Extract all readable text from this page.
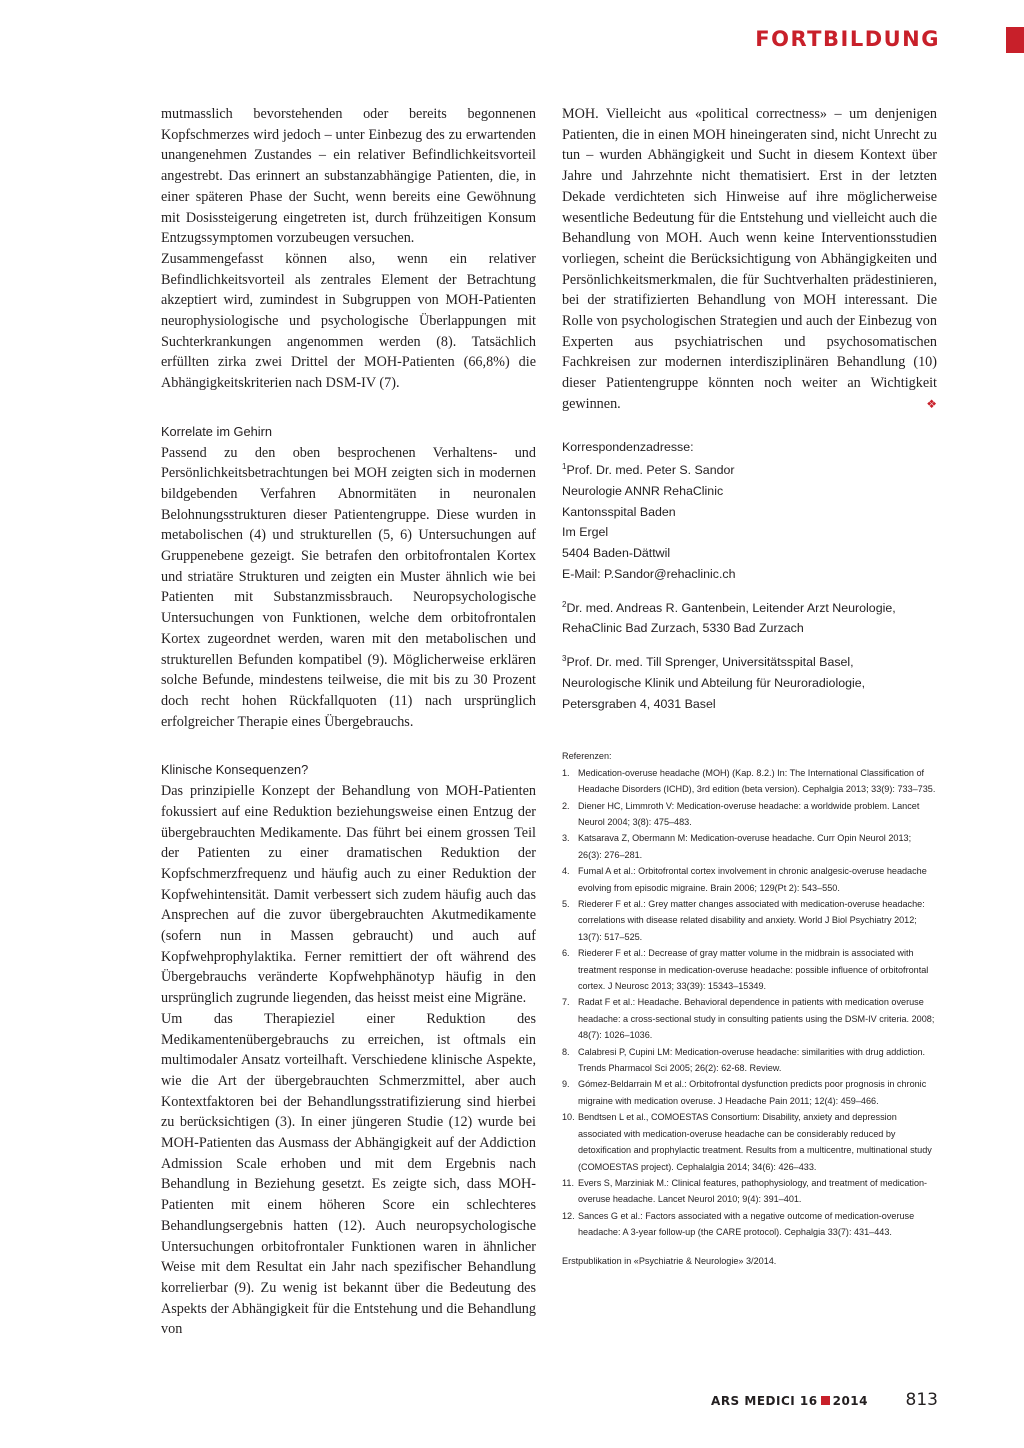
FORTBILDUNG

mutmasslich bevorstehenden oder bereits begonnenen Kopfschmerzes wird jedoch – unter Einbezug des zu erwartenden unangenehmen Zustandes – ein relativer Befindlichkeitsvorteil angestrebt. Das erinnert an substanzabhängige Patienten, die, in einer späteren Phase der Sucht, wenn bereits eine Gewöhnung mit Dosissteigerung eingetreten ist, durch frühzeitigen Konsum Entzugssymptomen vorzubeugen versuchen.

Zusammengefasst können also, wenn ein relativer Befindlichkeitsvorteil als zentrales Element der Betrachtung akzeptiert wird, zumindest in Subgruppen von MOH-Patienten neurophysiologische und psychologische Überlappungen mit Suchterkrankungen angenommen werden (8). Tatsächlich erfüllten zirka zwei Drittel der MOH-Patienten (66,8%) die Abhängigkeitskriterien nach DSM-IV (7).

Korrelate im Gehirn

Passend zu den oben besprochenen Verhaltens- und Persönlichkeitsbetrachtungen bei MOH zeigten sich in modernen bildgebenden Verfahren Abnormitäten in neuronalen Belohnungsstrukturen dieser Patientengruppe. Diese wurden in metabolischen (4) und strukturellen (5, 6) Untersuchungen auf Gruppenebene gezeigt. Sie betrafen den orbitofrontalen Kortex und striatäre Strukturen und zeigten ein Muster ähnlich wie bei Patienten mit Substanzmissbrauch. Neuropsychologische Untersuchungen von Funktionen, welche dem orbitofrontalen Kortex zugeordnet werden, waren mit den metabolischen und strukturellen Befunden kompatibel (9). Möglicherweise erklären solche Befunde, mindestens teilweise, die mit bis zu 30 Prozent doch recht hohen Rückfallquoten (11) nach ursprünglich erfolgreicher Therapie eines Übergebrauchs.

Klinische Konsequenzen?

Das prinzipielle Konzept der Behandlung von MOH-Patienten fokussiert auf eine Reduktion beziehungsweise einen Entzug der übergebrauchten Medikamente. Das führt bei einem grossen Teil der Patienten zu einer dramatischen Reduktion der Kopfschmerzfrequenz und häufig auch zu einer Reduktion der Kopfwehintensität. Damit verbessert sich zudem häufig auch das Ansprechen auf die zuvor übergebrauchten Akutmedikamente (sofern nun in Massen gebraucht) und auch auf Kopfwehprophylaktika. Ferner remittiert der oft während des Übergebrauchs veränderte Kopfwehphänotyp häufig in den ursprünglich zugrunde liegenden, das heisst meist eine Migräne.

Um das Therapieziel einer Reduktion des Medikamentenübergebrauchs zu erreichen, ist oftmals ein multimodaler Ansatz vorteilhaft. Verschiedene klinische Aspekte, wie die Art der übergebrauchten Schmerzmittel, aber auch Kontextfaktoren bei der Behandlungsstratifizierung sind hierbei zu berücksichtigen (3). In einer jüngeren Studie (12) wurde bei MOH-Patienten das Ausmass der Abhängigkeit auf der Addiction Admission Scale erhoben und mit dem Ergebnis nach Behandlung in Beziehung gesetzt. Es zeigte sich, dass MOH-Patienten mit einem höheren Score ein schlechteres Behandlungsergebnis hatten (12). Auch neuropsychologische Untersuchungen orbitofrontaler Funktionen waren in ähnlicher Weise mit dem Resultat ein Jahr nach spezifischer Behandlung korrelierbar (9). Zu wenig ist bekannt über die Bedeutung des Aspekts der Abhängigkeit für die Entstehung und die Behandlung von

MOH. Vielleicht aus «political correctness» – um denjenigen Patienten, die in einen MOH hineingeraten sind, nicht Unrecht zu tun – wurden Abhängigkeit und Sucht in diesem Kontext über Jahre und Jahrzehnte nicht thematisiert. Erst in der letzten Dekade verdichteten sich Hinweise auf ihre möglicherweise wesentliche Bedeutung für die Entstehung und vielleicht auch die Behandlung von MOH. Auch wenn keine Interventionsstudien vorliegen, scheint die Berücksichtigung von Abhängigkeiten und Persönlichkeitsmerkmalen, die für Suchtverhalten prädestinieren, bei der stratifizierten Behandlung von MOH interessant. Die Rolle von psychologischen Strategien und auch der Einbezug von Experten aus psychiatrischen und psychosomatischen Fachkreisen zur modernen interdisziplinären Behandlung (10) dieser Patientengruppe könnten noch weiter an Wichtigkeit gewinnen.	❖

Korrespondenzadresse:
$^1$Prof. Dr. med. Peter S. Sandor
Neurologie ANNR RehaClinic
Kantonsspital Baden
Im Ergel
5404 Baden-Dättwil
E-Mail: P.Sandor@rehaclinic.ch
$^2$Dr. med. Andreas R. Gantenbein, Leitender Arzt Neurologie,
RehaClinic Bad Zurzach, 5330 Bad Zurzach
$^3$Prof. Dr. med. Till Sprenger, Universitätsspital Basel,
Neurologische Klinik und Abteilung für Neuroradiologie,
Petersgraben 4, 4031 Basel
Referenzen:
1. Medication-overuse headache (MOH) (Kap. 8.2.) In: The International Classification of Headache Disorders (ICHD), 3rd edition (beta version). Cephalgia 2013; 33(9): 733–735.
2. Diener HC, Limmroth V: Medication-overuse headache: a worldwide problem. Lancet Neurol 2004; 3(8): 475–483.
3. Katsarava Z, Obermann M: Medication-overuse headache. Curr Opin Neurol 2013; 26(3): 276–281.
4. Fumal A et al.: Orbitofrontal cortex involvement in chronic analgesic-overuse headache evolving from episodic migraine. Brain 2006; 129(Pt 2): 543–550.
5. Riederer F et al.: Grey matter changes associated with medication-overuse headache: correlations with disease related disability and anxiety. World J Biol Psychiatry 2012; 13(7): 517–525.
6. Riederer F et al.: Decrease of gray matter volume in the midbrain is associated with treatment response in medication-overuse headache: possible influence of orbitofrontal cortex. J Neurosc 2013; 33(39): 15343–15349.
7. Radat F et al.: Headache. Behavioral dependence in patients with medication overuse headache: a cross-sectional study in consulting patients using the DSM-IV criteria. 2008; 48(7): 1026–1036.
8. Calabresi P, Cupini LM: Medication-overuse headache: similarities with drug addiction. Trends Pharmacol Sci 2005; 26(2): 62-68. Review.
9. Gómez-Beldarrain M et al.: Orbitofrontal dysfunction predicts poor prognosis in chronic migraine with medication overuse. J Headache Pain 2011; 12(4): 459–466.
10. Bendtsen L et al., COMOESTAS Consortium: Disability, anxiety and depression associated with medication-overuse headache can be considerably reduced by detoxification and prophylactic treatment. Results from a multicentre, multinational study (COMOESTAS project). Cephalalgia 2014; 34(6): 426–433.
11. Evers S, Marziniak M.: Clinical features, pathophysiology, and treatment of medication-overuse headache. Lancet Neurol 2010; 9(4): 391–401.
12. Sances G et al.: Factors associated with a negative outcome of medication-overuse headache: A 3-year follow-up (the CARE protocol). Cephalgia 33(7): 431–443.
Erstpublikation in «Psychiatrie & Neurologie» 3/2014.
ARS MEDICI 16 2014 813
